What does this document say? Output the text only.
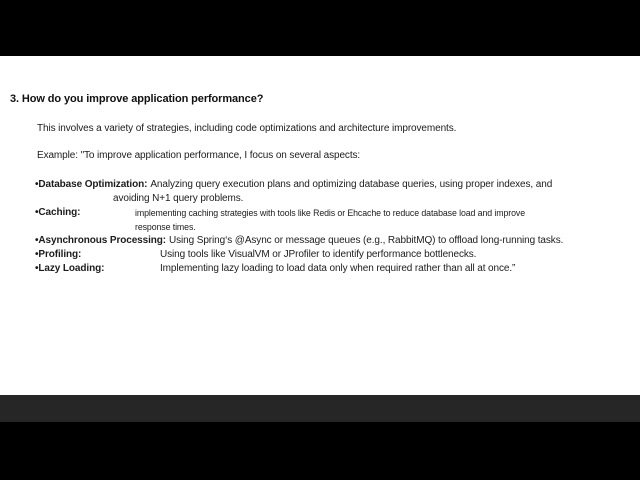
3. How do you improve application performance?
This involves a variety of strategies, including code optimizations and architecture improvements.
Example: "To improve application performance, I focus on several aspects:
•Database Optimization: Analyzing query execution plans and optimizing database queries, using proper indexes, and
avoiding N+1 query problems.
•Caching:	implementing caching strategies with tools like Redis or Ehcache to reduce database load and improve
response times.
•Asynchronous Processing: Using Spring‘s @Async or message queues (e.g., RabbitMQ) to offload long-running tasks.
•Profiling:	Using tools like VisualVM or JProfiler to identify performance bottlenecks.
•Lazy Loading:	Implementing lazy loading to load data only when required rather than all at once.”
